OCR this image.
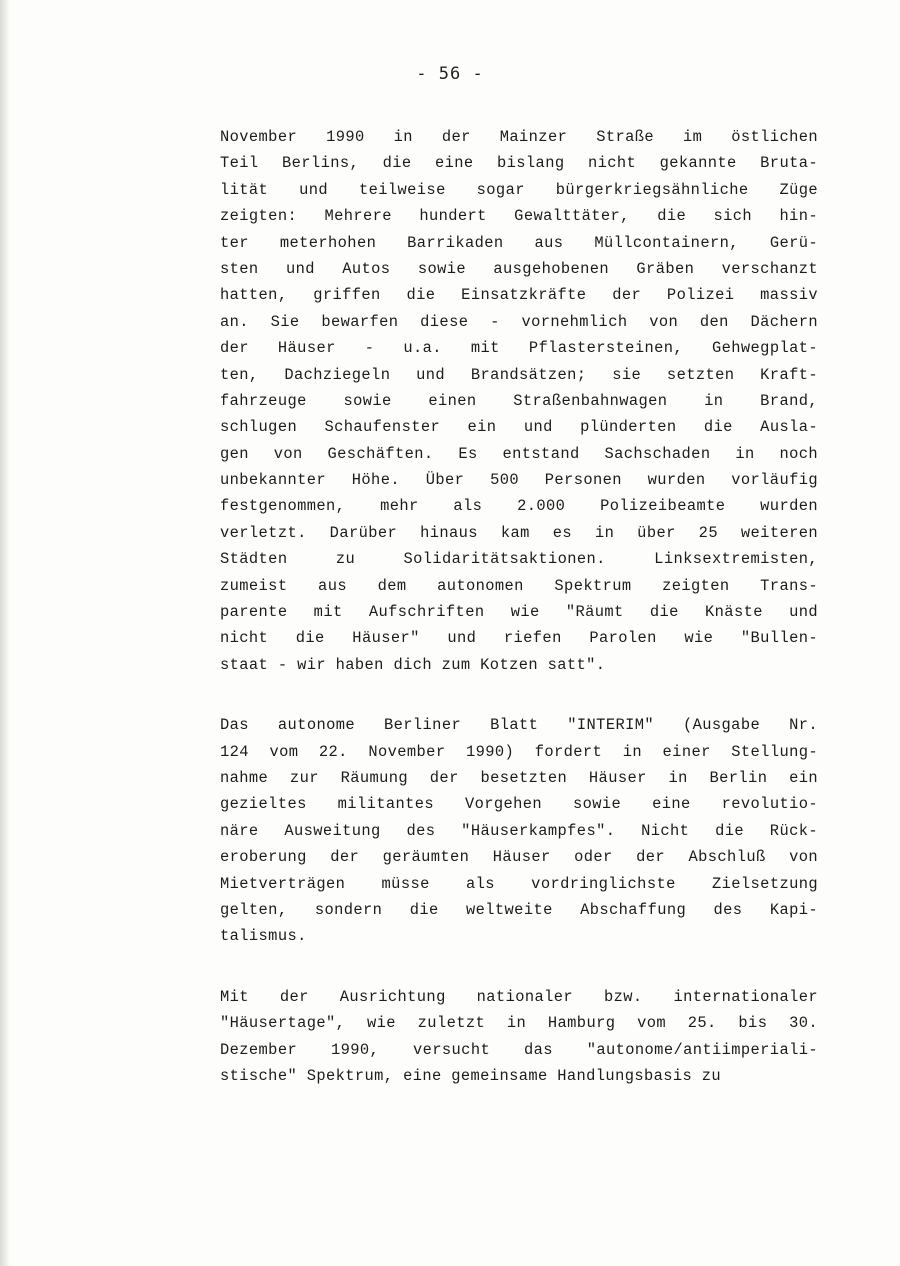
- 56 -
November 1990 in der Mainzer Straße im östlichen
Teil Berlins, die eine bislang nicht gekannte Bruta-
lität und teilweise sogar bürgerkriegsähnliche Züge
zeigten: Mehrere hundert Gewalttäter, die sich hin-
ter meterhohen Barrikaden aus Müllcontainern, Gerü-
sten und Autos sowie ausgehobenen Gräben verschanzt
hatten, griffen die Einsatzkräfte der Polizei massiv
an. Sie bewarfen diese - vornehmlich von den Dächern
der Häuser - u.a. mit Pflastersteinen, Gehwegplat-
ten, Dachziegeln und Brandsätzen; sie setzten Kraft-
fahrzeuge sowie einen Straßenbahnwagen in Brand,
schlugen Schaufenster ein und plünderten die Ausla-
gen von Geschäften. Es entstand Sachschaden in noch
unbekannter Höhe. Über 500 Personen wurden vorläufig
festgenommen, mehr als 2.000 Polizeibeamte wurden
verletzt. Darüber hinaus kam es in über 25 weiteren
Städten zu Solidaritätsaktionen. Linksextremisten,
zumeist aus dem autonomen Spektrum zeigten Trans-
parente mit Aufschriften wie "Räumt die Knäste und
nicht die Häuser" und riefen Parolen wie "Bullen-
staat - wir haben dich zum Kotzen satt".
Das autonome Berliner Blatt "INTERIM" (Ausgabe Nr.
124 vom 22. November 1990) fordert in einer Stellung-
nahme zur Räumung der besetzten Häuser in Berlin ein
gezieltes militantes Vorgehen sowie eine revolutio-
näre Ausweitung des "Häuserkampfes". Nicht die Rück-
eroberung der geräumten Häuser oder der Abschluß von
Mietverträgen müsse als vordringlichste Zielsetzung
gelten, sondern die weltweite Abschaffung des Kapi-
talismus.
Mit der Ausrichtung nationaler bzw. internationaler
"Häusertage", wie zuletzt in Hamburg vom 25. bis 30.
Dezember 1990, versucht das "autonome/antiimperiali-
stische" Spektrum, eine gemeinsame Handlungsbasis zu
